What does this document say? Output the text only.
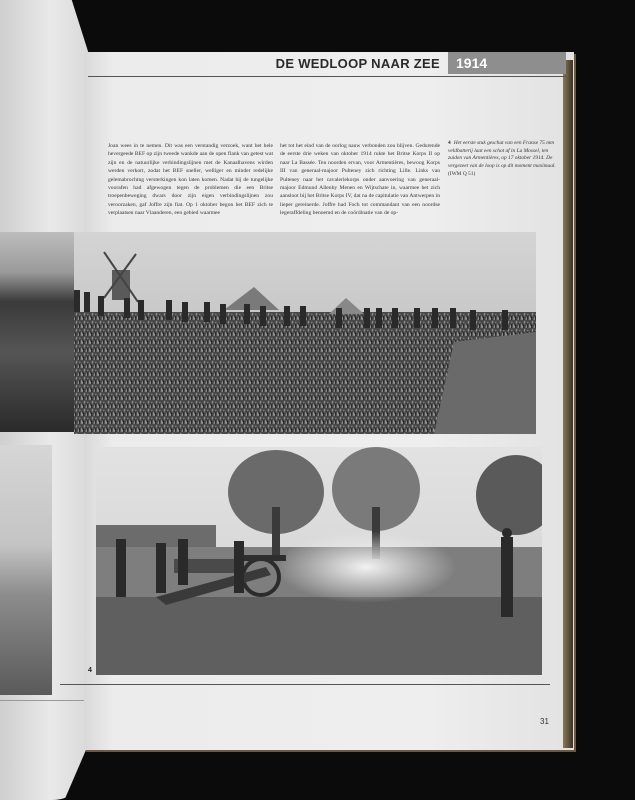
DE WEDLOOP NAAR ZEE	1914
Joan wees in te nemen. Dit was een verstandig verzoek, want het hele hevergeede BEF op zijn tweede wankde aan de open flank van getest wat zijn en de natuurlijke verbindingslijnen met de Kanaalhavens wirden werden verkort, zodat het BEF sneller, welliger en minder redelijke gelemabrochtng versterkingen kon laten komen. Nadat bij de tungelijke voorafen had afgewogen tegen de problemen die een Britse troepenbeweging dwars door zijn eigen verbindingslijnen zou veroorzaken, gaf Joffre zijn fiat. Op 1 oktober begon het BEF zich te verplaatsen naar Vlaanderen, een gebied waarmee
het tot het eind van de oorlog nauw verbonden zou blijven. Gedurende de eerste drie weken van oktober 1914 rukte het Britse Korps II op naar La Bassée. Ten noorden ervan, voor Armentières, bewoog Korps III van generaal-majoor Pulteney zich richting Lille. Links van Pulteney naar het cavaleriekorps onder aanvoering van generaal-majoor Edmund Allenby Menen en Wijtschate in, waarmee het zich aansloot bij het Britse Korps IV, dat na de capitulatie van Antwerpen in lieper gereinerde. Joffre had Foch tot commandant van een noordse legeraffdeling benoemd en de coördinatie van de op-
4 Het eerste stuk geschut van een Franse 75 mm veldbatterij laat een schot af in La Mossel, ten zuiden van Armentières, op 17 oktober 1914. De vergezeet van de loop is op dit moment maximaal.
(IWM Q 51)
4
31
